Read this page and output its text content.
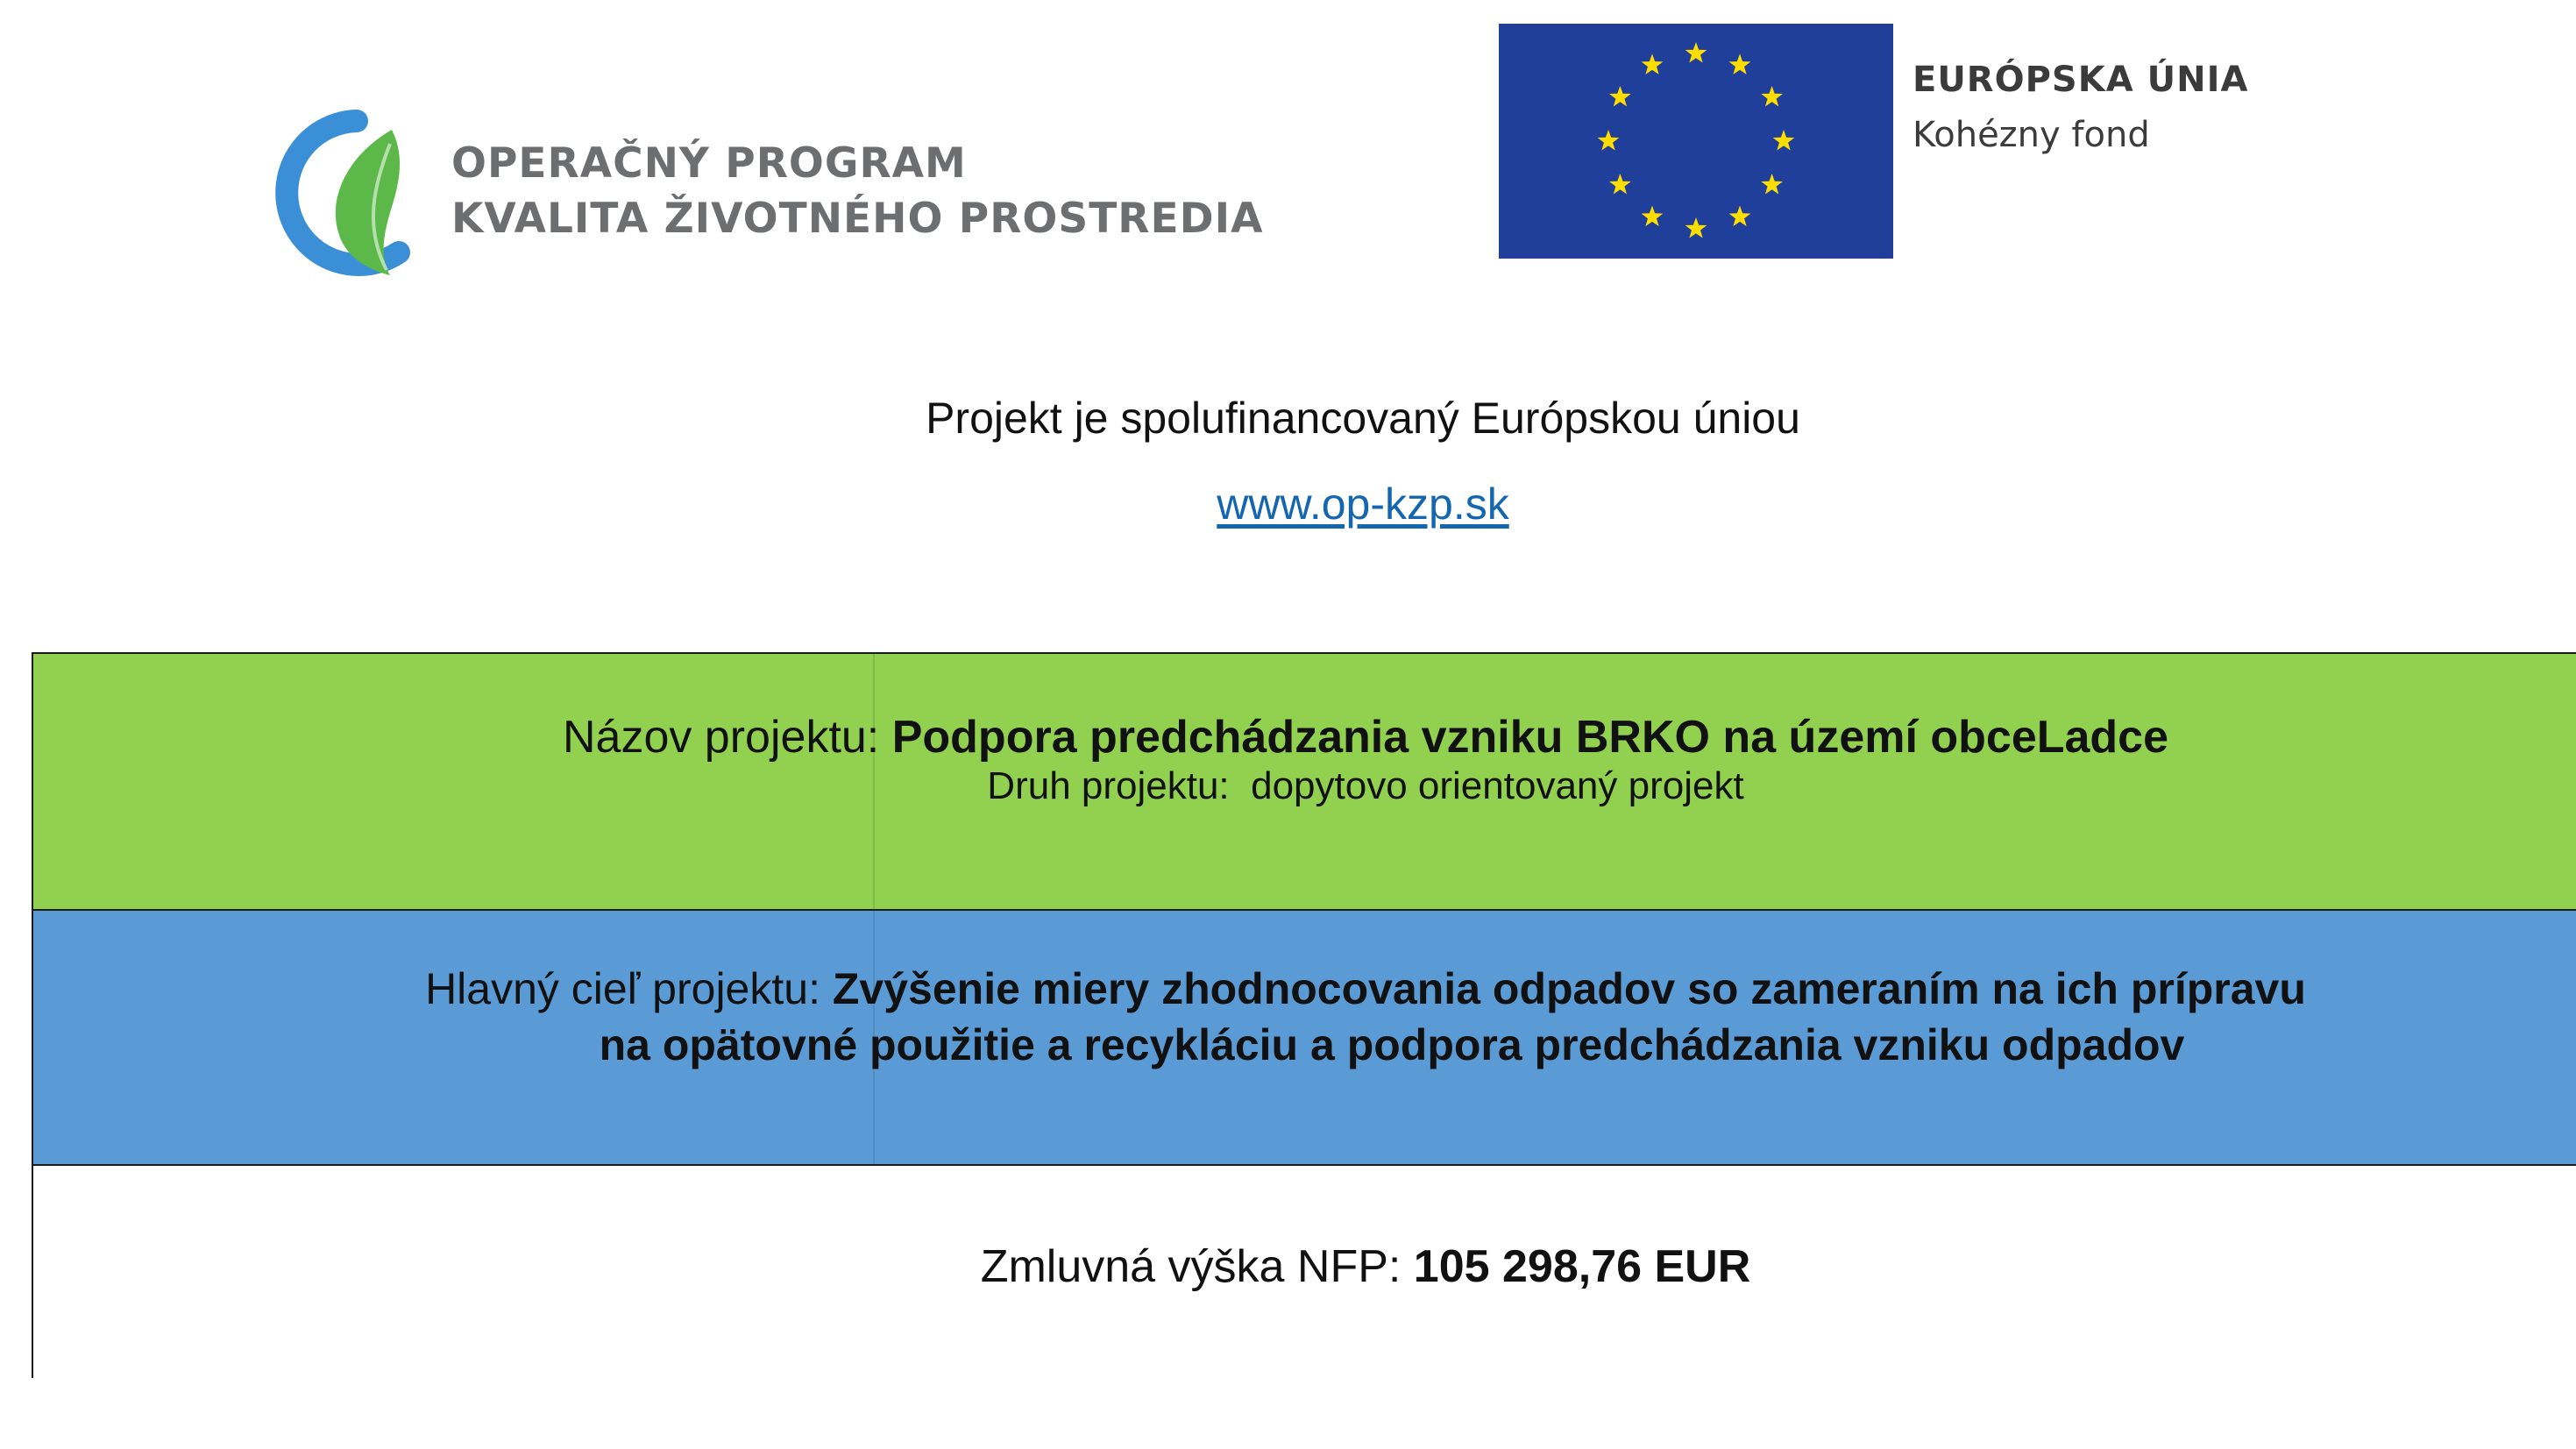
OPERAČNÝ PROGRAM
KVALITA ŽIVOTNÉHO PROSTREDIA
EURÓPSKA ÚNIA
Kohézny fond
Projekt je spolufinancovaný Európskou úniou
www.op-kzp.sk
Názov projektu: Podpora predchádzania vzniku BRKO na území obceLadce
Druh projektu: dopytovo orientovaný projekt
Hlavný cieľ projektu: Zvýšenie miery zhodnocovania odpadov so zameraním na ich prípravu
na opätovné použitie a recykláciu a podpora predchádzania vzniku odpadov
Zmluvná výška NFP: 105 298,76 EUR
